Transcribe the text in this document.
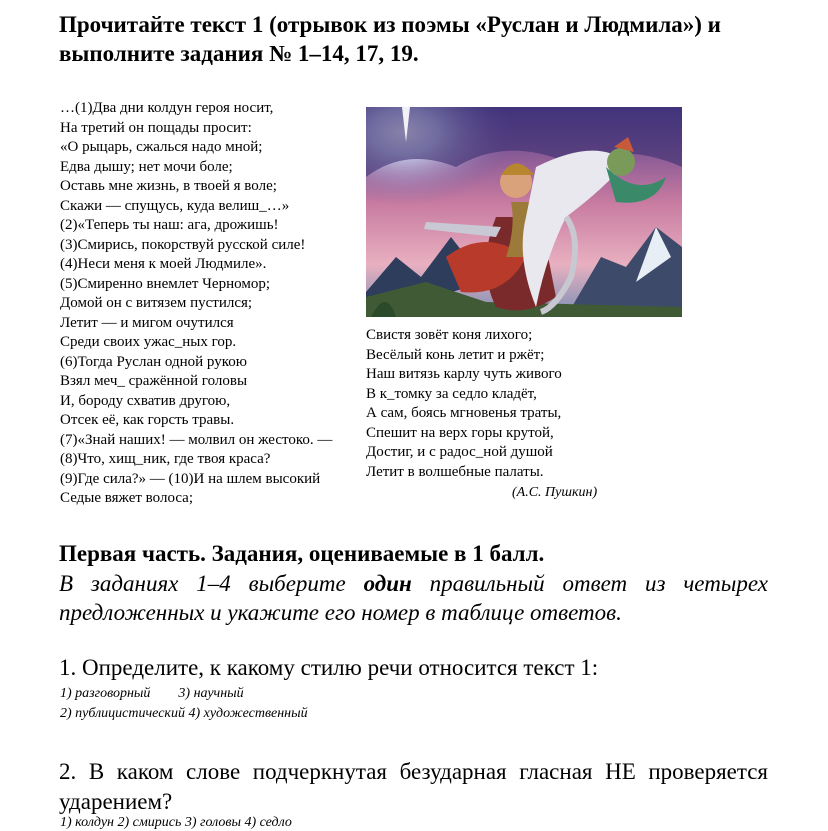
Прочитайте текст 1 (отрывок из поэмы «Руслан и Людмила») и выполните задания № 1–14, 17, 19.
…(1)Два дни колдун героя носит,
На третий он пощады просит:
«О рыцарь, сжалься надо мной;
Едва дышу; нет мочи боле;
Оставь мне жизнь, в твоей я воле;
Скажи — спущусь, куда велиш_…»
(2)«Теперь ты наш: ага, дрожишь!
(3)Смирись, покорствуй русской силе!
(4)Неси меня к моей Людмиле».
(5)Смиренно внемлет Черномор;
Домой он с витязем пустился;
Летит — и мигом очутился
Среди своих ужас_ных гор.
(6)Тогда Руслан одной рукою
Взял меч_ сражённой головы
И, бороду схватив другою,
Отсек её, как горсть травы.
(7)«Знай наших! — молвил он жестоко. —
(8)Что, хищ_ник, где твоя краса?
(9)Где сила?» — (10)И на шлем высокий
Седые вяжет волоса;
Свистя зовёт коня лихого;
Весёлый конь летит и ржёт;
Наш витязь карлу чуть живого
В к_томку за седло кладёт,
А сам, боясь мгновенья траты,
Спешит на верх горы крутой,
Достиг, и с радос_ной душой
Летит в волшебные палаты.
(А.С. Пушкин)
Первая часть. Задания, оцениваемые в 1 балл.
В заданиях 1–4 выберите один правильный ответ из четырех предложенных и укажите его номер в таблице ответов.
1. Определите, к какому стилю речи относится текст 1:
1) разговорный        3) научный
2) публицистический 4) художественный
2. В каком слове подчеркнутая безударная гласная НЕ проверяется ударением?
1) колдун 2) смирись 3) головы 4) седло
